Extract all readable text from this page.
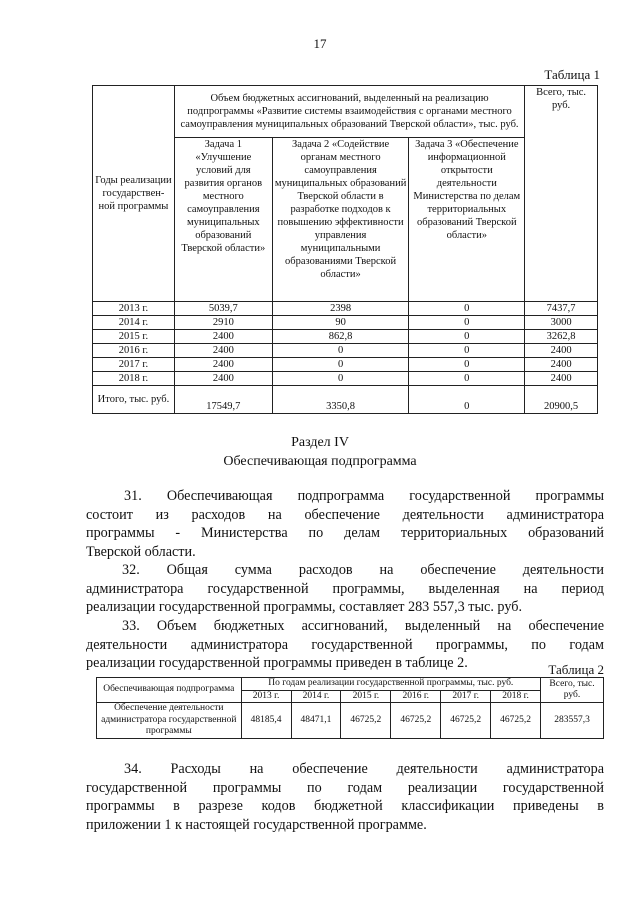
17
Таблица 1
Годы реализации государствен-ной программы	Объем бюджетных ассигнований, выделенный на реализацию подпрограммы «Развитие системы взаимодействия с органами местного самоуправления муниципальных образований Тверской области», тыс. руб.			Всего, тыс. руб.
	Задача 1 «Улучшение условий для развития органов местного самоуправления муниципальных образований Тверской области»	Задача 2 «Содействие органам местного самоуправления муниципальных образований Тверской области в разработке подходов к повышению эффективности управления муниципальными образованиями Тверской области»	Задача 3 «Обеспечение информационной открытости деятельности Министерства по делам территориальных образований Тверской области»	
2013 г.	5039,7	2398	0	7437,7
2014 г.	2910	90	0	3000
2015 г.	2400	862,8	0	3262,8
2016 г.	2400	0	0	2400
2017 г.	2400	0	0	2400
2018 г.	2400	0	0	2400
Итого, тыс. руб.	17549,7	3350,8	0	20900,5
Раздел IV
Обеспечивающая подпрограмма
31. Обеспечивающая подпрограмма государственной программы
состоит из расходов на обеспечение деятельности администратора
программы - Министерства по делам территориальных образований
Тверской области.
32. Общая сумма расходов на обеспечение деятельности
администратора государственной программы, выделенная на период
реализации государственной программы, составляет 283 557,3 тыс. руб.
33. Объем бюджетных ассигнований, выделенный на обеспечение
деятельности администратора государственной программы, по годам
реализации государственной программы приведен в таблице 2.	Таблица 2
Обеспечивающая подпрограмма	По годам реализации государственной программы, тыс. руб.						Всего, тыс. руб.
	2013 г.	2014 г.	2015 г.	2016 г.	2017 г.	2018 г.	
Обеспечение деятельности администратора государственной программы	48185,4	48471,1	46725,2	46725,2	46725,2	46725,2	283557,3
34. Расходы на обеспечение деятельности администратора
государственной программы по годам реализации государственной
программы в разрезе кодов бюджетной классификации приведены в
приложении 1 к настоящей государственной программе.
